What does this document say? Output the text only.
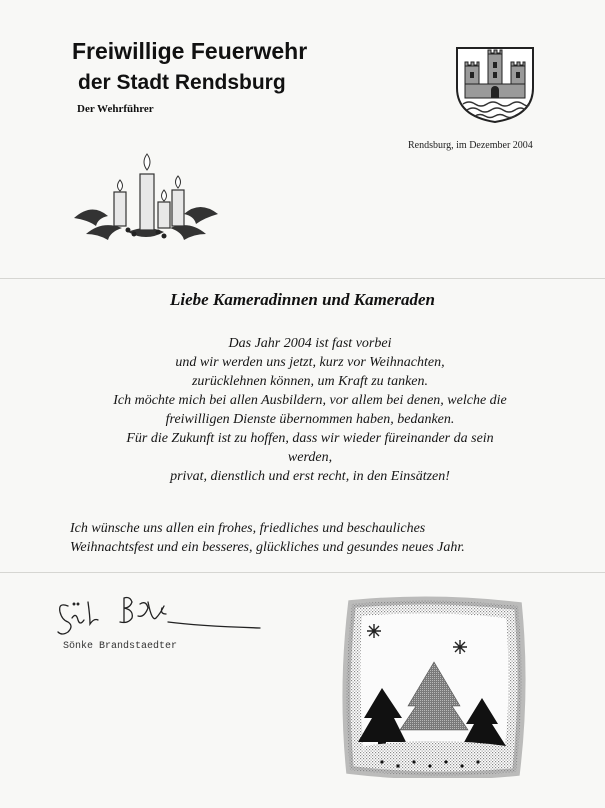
Freiwillige Feuerwehr
der Stadt Rendsburg
Der Wehrführer
Rendsburg, im Dezember 2004
Liebe Kameradinnen und Kameraden
Das Jahr 2004 ist fast vorbei
und wir werden uns jetzt, kurz vor Weihnachten,
zurücklehnen können, um Kraft zu tanken.
Ich möchte mich bei allen Ausbildern, vor allem bei denen, welche die
freiwilligen Dienste übernommen haben, bedanken.
Für die Zukunft ist zu hoffen, dass wir wieder füreinander da sein
werden,
privat, dienstlich und erst recht, in den Einsätzen!
Ich wünsche uns allen ein frohes, friedliches und beschauliches
Weihnachtsfest und ein besseres, glückliches und gesundes neues Jahr.
Sönke Brandstaedter
